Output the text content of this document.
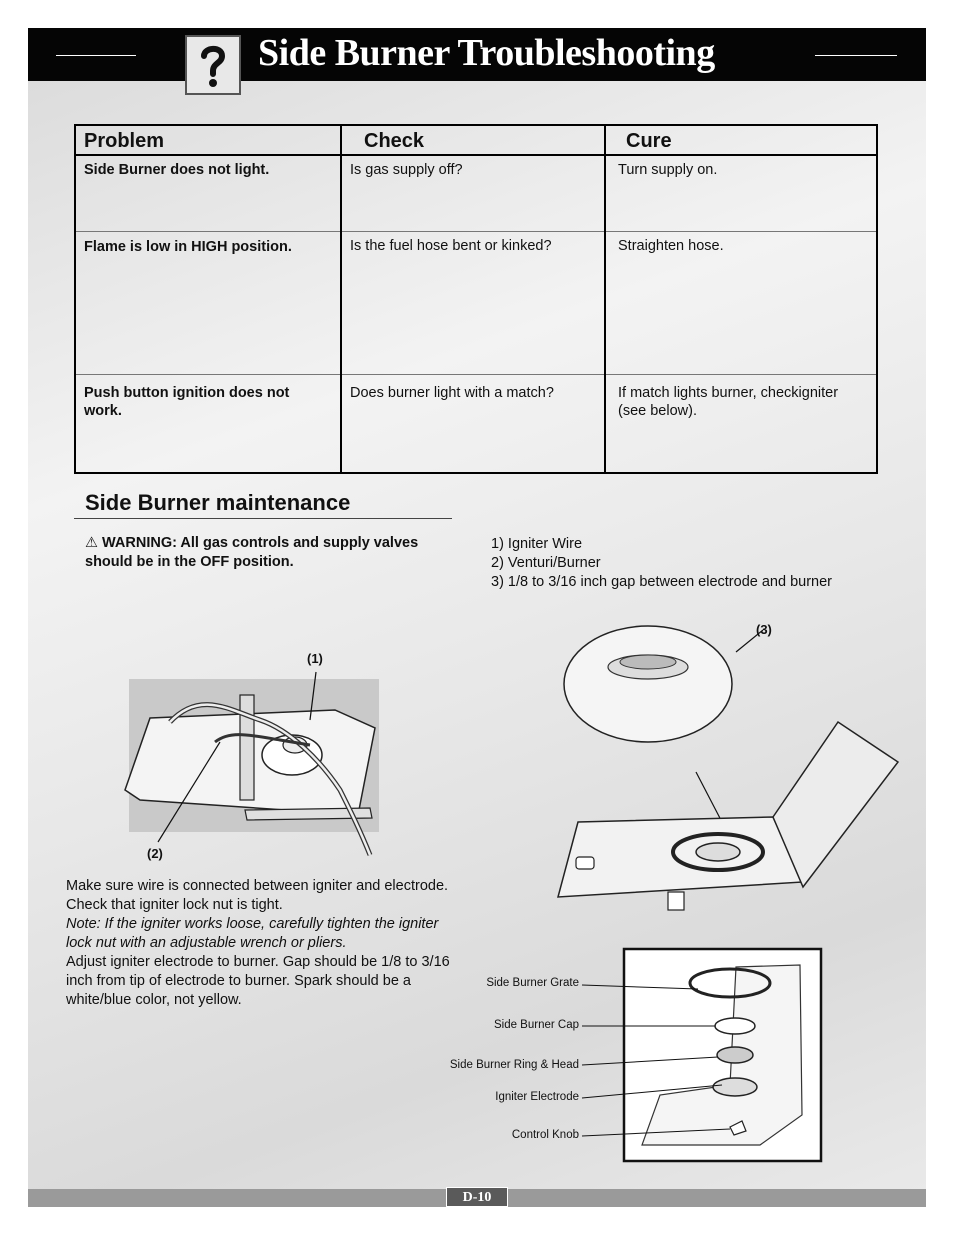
Side Burner Troubleshooting
Problem	Check	Cure
Side Burner does not light.	Is gas supply off?	Turn supply on.
Flame is low in HIGH position.	Is the fuel hose bent or kinked?	Straighten hose.
Push button ignition does not work.	Does burner light with a match?	If match lights burner, checkigniter (see below).
Side Burner maintenance
⚠ WARNING: All gas controls and supply valves should be in the OFF position.
1) Igniter Wire
2) Venturi/Burner
3) 1/8 to 3/16 inch gap between electrode and burner
(1)
(2)
(3)
Make sure wire is connected between igniter and electrode. Check that igniter lock nut is tight.
Note: If the igniter works loose, carefully tighten the igniter lock nut with an adjustable wrench or pliers.
Adjust igniter electrode to burner. Gap should be 1/8 to 3/16 inch from tip of electrode to burner. Spark should be a white/blue color, not yellow.
Side Burner Grate
Side Burner Cap
Side Burner Ring & Head
Igniter Electrode
Control Knob
D-10
